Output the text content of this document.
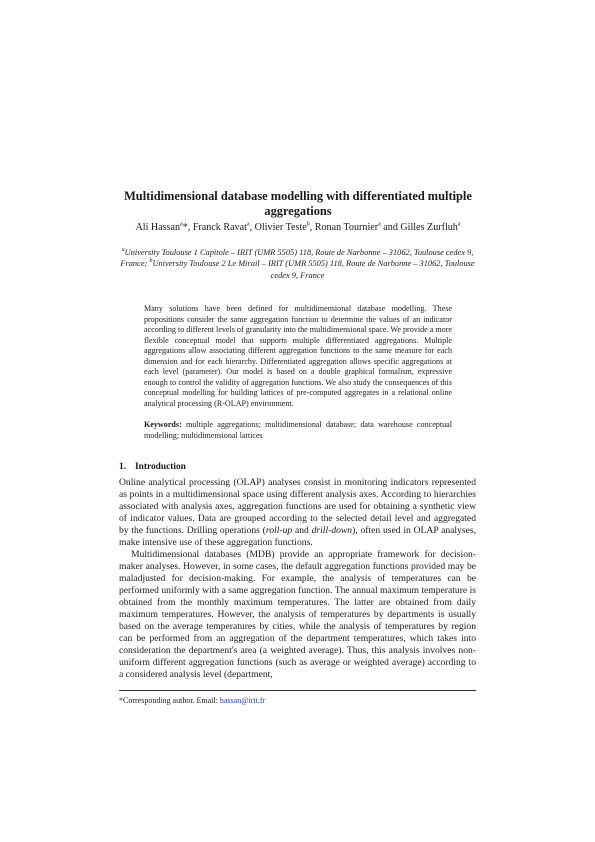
Multidimensional database modelling with differentiated multiple aggregations
Ali Hassan$^a$*, Franck Ravat$^a$, Olivier Teste$^b$, Ronan Tournier$^a$ and Gilles Zurfluh$^a$
$^a$University Toulouse 1 Capitole – IRIT (UMR 5505) 118, Route de Narbonne – 31062, Toulouse cedex 9, France; $^b$University Toulouse 2 Le Mirail – IRIT (UMR 5505) 118, Route de Narbonne – 31062, Toulouse cedex 9, France

Many solutions have been defined for multidimensional database modelling. These propositions consider the same aggregation function to determine the values of an indicator according to different levels of granularity into the multidimensional space. We provide a more flexible conceptual model that supports multiple differentiated aggregations. Multiple aggregations allow associating different aggregation functions to the same measure for each dimension and for each hierarchy. Differentiated aggregation allows specific aggregations at each level (parameter). Our model is based on a double graphical formalism, expressive enough to control the validity of aggregation functions. We also study the consequences of this conceptual modelling for building lattices of pre-computed aggregates in a relational online analytical processing (R-OLAP) environment.

Keywords: multiple aggregations; multidimensional database; data warehouse conceptual modelling; multidimensional lattices

1. Introduction

Online analytical processing (OLAP) analyses consist in monitoring indicators represented as points in a multidimensional space using different analysis axes. According to hierarchies associated with analysis axes, aggregation functions are used for obtaining a synthetic view of indicator values. Data are grouped according to the selected detail level and aggregated by the functions. Drilling operations (roll-up and drill-down), often used in OLAP analyses, make intensive use of these aggregation functions.

Multidimensional databases (MDB) provide an appropriate framework for decision-maker analyses. However, in some cases, the default aggregation functions provided may be maladjusted for decision-making. For example, the analysis of temperatures can be performed uniformly with a same aggregation function. The annual maximum temperature is obtained from the monthly maximum temperatures. The latter are obtained from daily maximum temperatures. However, the analysis of temperatures by departments is usually based on the average temperatures by cities, while the analysis of temperatures by region can be performed from an aggregation of the department temperatures, which takes into consideration the department's area (a weighted average). Thus, this analysis involves non-uniform different aggregation functions (such as average or weighted average) according to a considered analysis level (department,

*Corresponding author. Email: hassan@irit.fr
